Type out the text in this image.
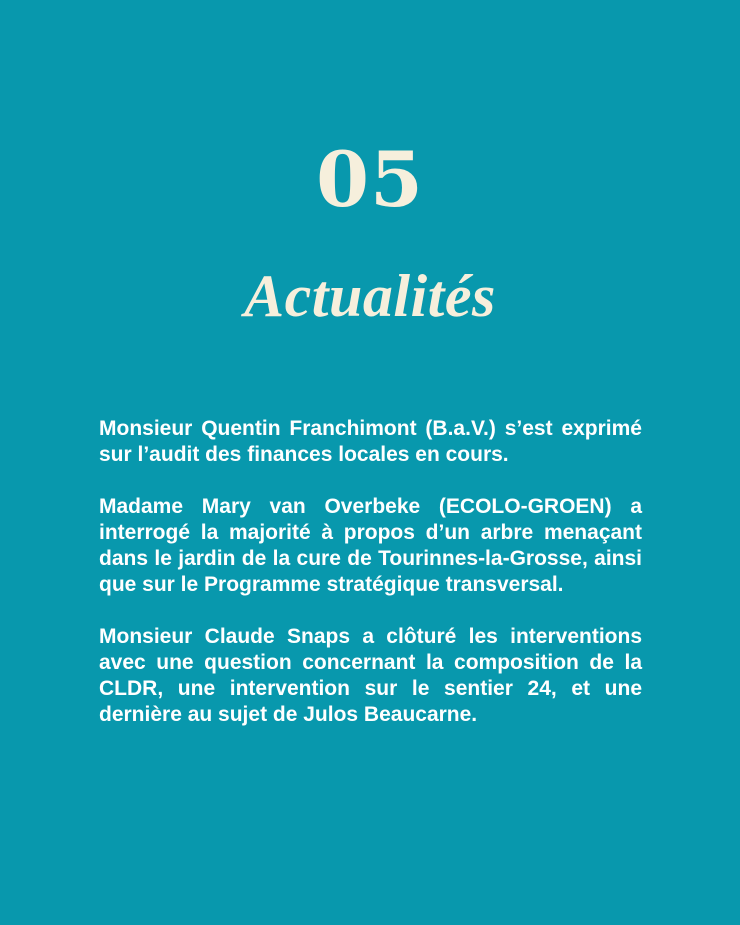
05
Actualités

Monsieur Quentin Franchimont (B.a.V.) s’est exprimé sur l’audit des finances locales en cours.

Madame Mary van Overbeke (ECOLO-GROEN) a interrogé la majorité à propos d’un arbre menaçant dans le jardin de la cure de Tourinnes-la-Grosse, ainsi que sur le Programme stratégique transversal.

Monsieur Claude Snaps a clôturé les interventions avec une question concernant la composition de la CLDR, une intervention sur le sentier 24, et une dernière au sujet de Julos Beaucarne.
